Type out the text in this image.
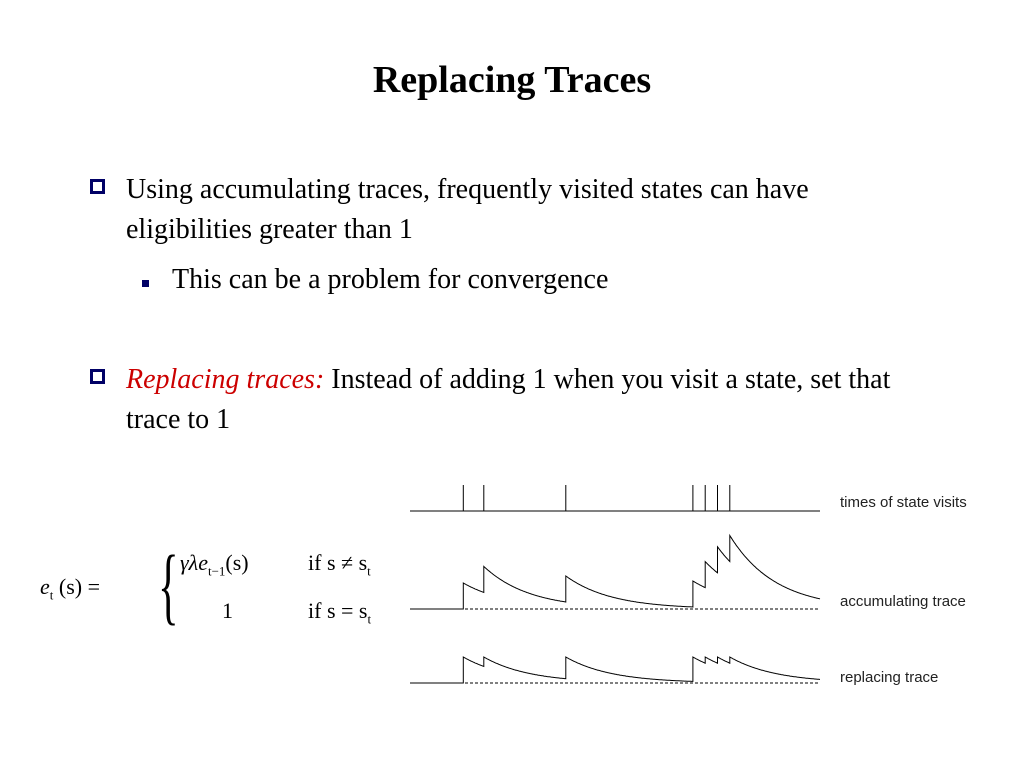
Replacing Traces
Using accumulating traces, frequently visited states can have eligibilities greater than 1
This can be a problem for convergence
Replacing traces: Instead of adding 1 when you visit a state, set that trace to 1
$e_t$ (s) = { γλe$_{t-1}$(s)	if $s \ne s_t$
1	if $s = s_t$
times of state visits
accumulating trace
replacing trace
